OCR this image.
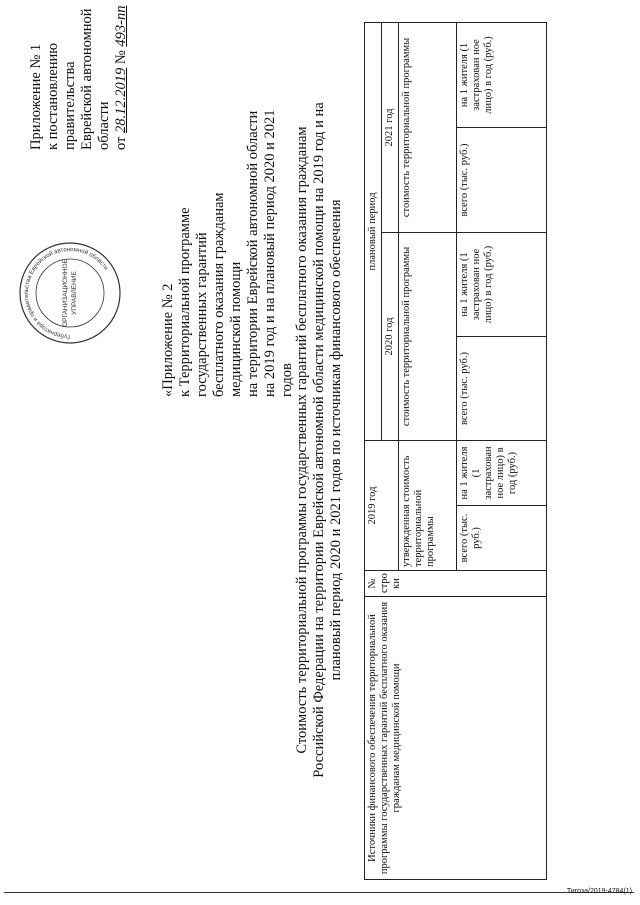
Приложение № 1 к постановлению правительства Еврейской автономной области от 28.12.2019 № 493-пп
Губернатора и правительства Еврейской автономной области
ОРГАНИЗАЦИОННОЕ УПРАВЛЕНИЕ	«Приложение № 2 к Территориальной программе государственных гарантий бесплатного оказания гражданам медицинской помощи на территории Еврейской автономной области на 2019 год и на плановый период 2020 и 2021 годов Стоимость территориальной программы государственных гарантий бесплатного оказания гражданам Российской Федерации на территории Еврейской автономной области медицинской помощи на 2019 год и на плановый период 2020 и 2021 годов по источникам финансового обеспечения
Источники финансового обеспечения территориальной программы государственных гарантий бесплатного оказания гражданам медицинской помощи	№ стро ки	2019 год		плановый период			
				2020 год		2021 год	
		утвержденная стоимость территориальной программы		стоимость территориальной программы		стоимость территориальной программы	
		всего (тыс. руб.)	на 1 жителя (1 застрахован ное лицо) в год (руб.)	всего (тыс. руб.)	на 1 жителя (1 застрахован ное лицо) в год (руб.)	всего (тыс. руб.)	на 1 жителя (1 застрахован ное лицо) в год (руб.)
Тигоза/2019-4784(1)
